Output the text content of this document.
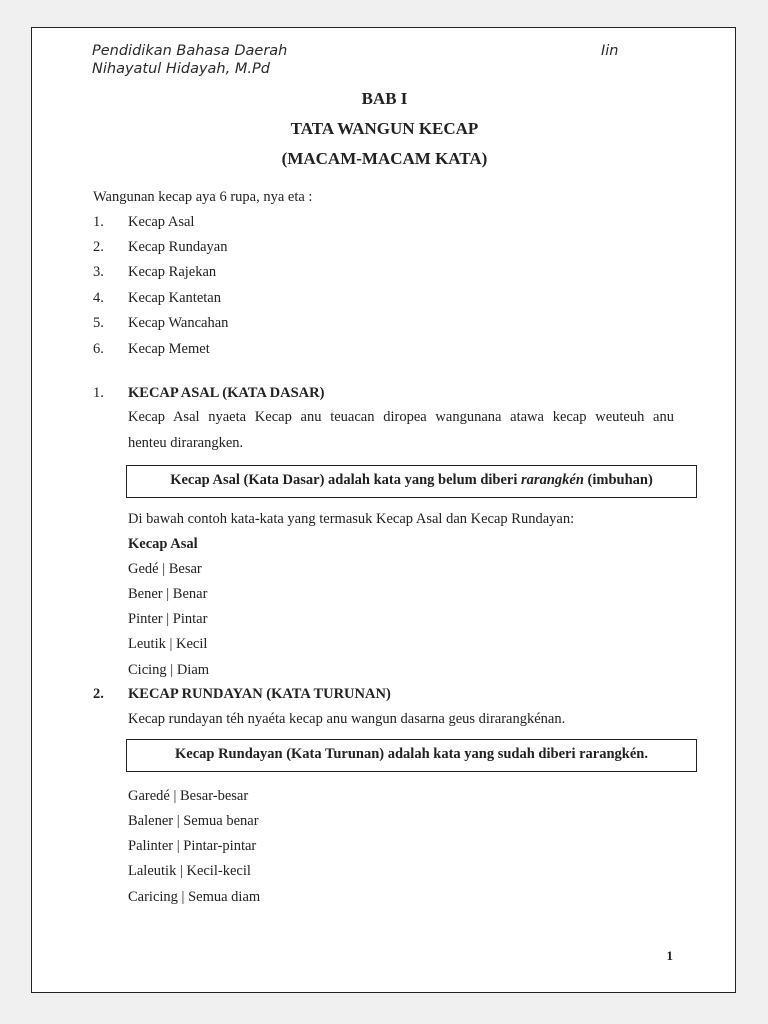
Pendidikan Bahasa Daerah
Nihayatul Hidayah, M.Pd
Iin
BAB I
TATA WANGUN KECAP
(MACAM-MACAM KATA)
Wangunan kecap aya 6 rupa, nya eta :
1. Kecap Asal
2. Kecap Rundayan
3. Kecap Rajekan
4. Kecap Kantetan
5. Kecap Wancahan
6. Kecap Memet
1. KECAP ASAL (KATA DASAR)
Kecap Asal nyaeta Kecap anu teuacan diropea wangunana atawa kecap weuteuh anu
henteu dirarangken.
Kecap Asal (Kata Dasar) adalah kata yang belum diberi rarangkén (imbuhan)
Di bawah contoh kata-kata yang termasuk Kecap Asal dan Kecap Rundayan:
Kecap Asal
Gedé | Besar
Bener | Benar
Pinter | Pintar
Leutik | Kecil
Cicing | Diam
2. KECAP RUNDAYAN (KATA TURUNAN)
Kecap rundayan téh nyaéta kecap anu wangun dasarna geus dirarangkénan.
Kecap Rundayan (Kata Turunan) adalah kata yang sudah diberi rarangkén.
Garedé | Besar-besar
Balener | Semua benar
Palinter | Pintar-pintar
Laleutik | Kecil-kecil
Caricing | Semua diam
1
